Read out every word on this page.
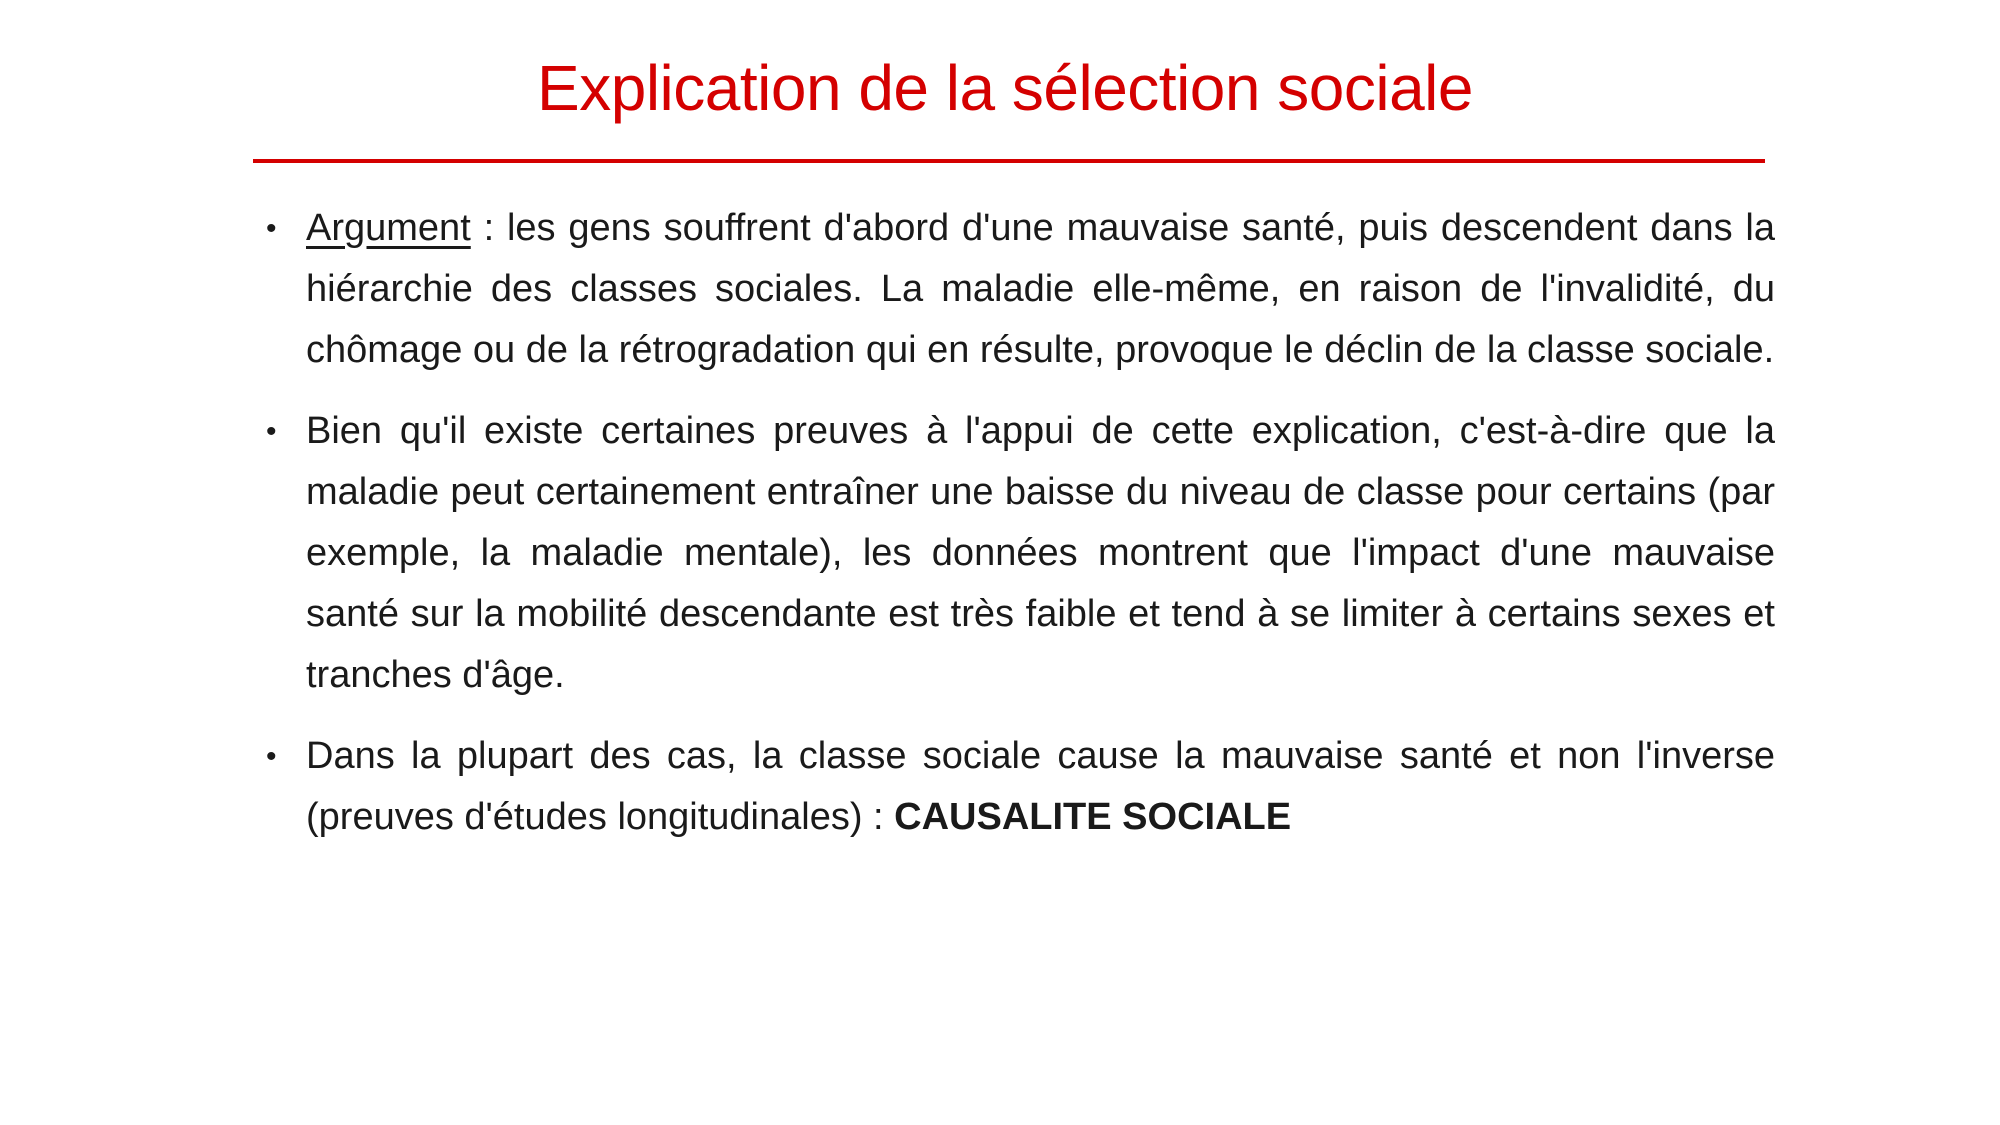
Explication de la sélection sociale
• Argument : les gens souffrent d'abord d'une mauvaise santé, puis descendent dans la hiérarchie des classes sociales. La maladie elle-même, en raison de l'invalidité, du chômage ou de la rétrogradation qui en résulte, provoque le déclin de la classe sociale.
• Bien qu'il existe certaines preuves à l'appui de cette explication, c'est-à-dire que la maladie peut certainement entraîner une baisse du niveau de classe pour certains (par exemple, la maladie mentale), les données montrent que l'impact d'une mauvaise santé sur la mobilité descendante est très faible et tend à se limiter à certains sexes et tranches d'âge.
• Dans la plupart des cas, la classe sociale cause la mauvaise santé et non l'inverse (preuves d'études longitudinales) : CAUSALITE SOCIALE
